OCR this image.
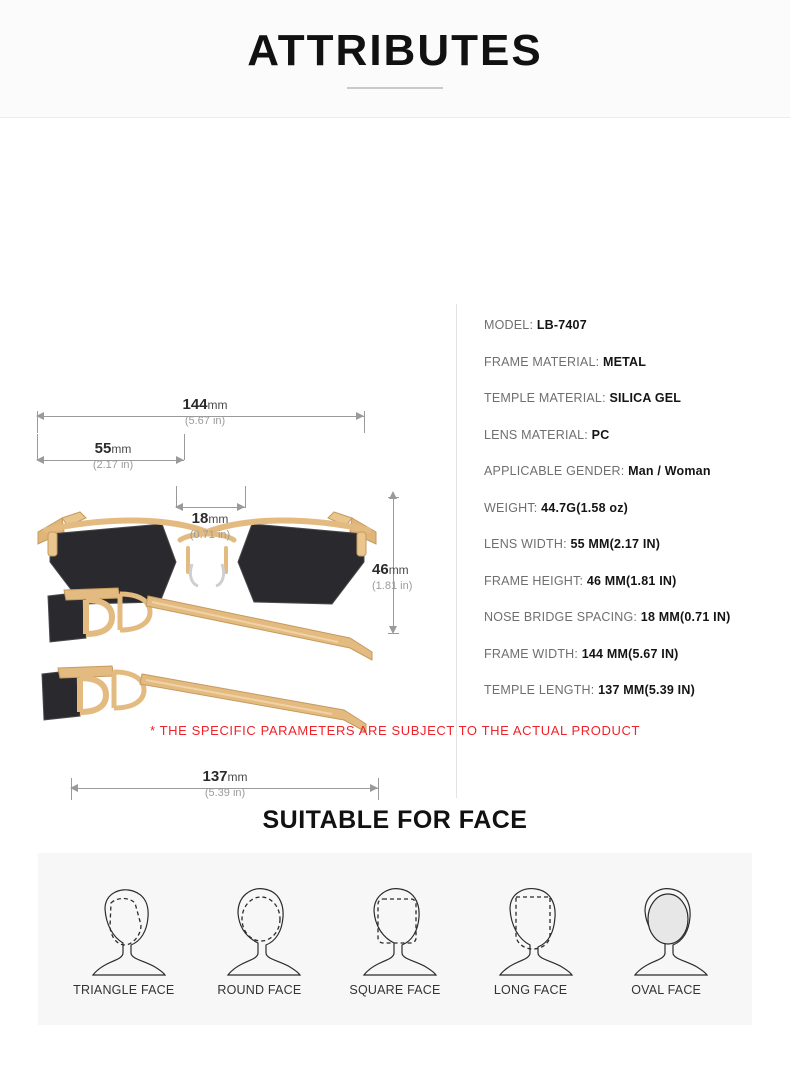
ATTRIBUTES
144mm
(5.67 in)
55mm
(2.17 in)
46mm
(1.81 in)
18mm
(0.71 in)
137mm
(5.39 in)
MODEL: LB-7407
FRAME MATERIAL: METAL
TEMPLE MATERIAL: SILICA GEL
LENS MATERIAL: PC
APPLICABLE GENDER: Man / Woman
WEIGHT: 44.7G(1.58 oz)
LENS WIDTH: 55 MM(2.17 IN)
FRAME HEIGHT: 46 MM(1.81 IN)
NOSE BRIDGE SPACING: 18 MM(0.71 IN)
FRAME WIDTH: 144 MM(5.67 IN)
TEMPLE LENGTH: 137 MM(5.39 IN)
* THE SPECIFIC PARAMETERS ARE SUBJECT TO THE ACTUAL PRODUCT
SUITABLE FOR FACE
TRIANGLE FACE	ROUND FACE	SQUARE FACE	LONG FACE	OVAL FACE
